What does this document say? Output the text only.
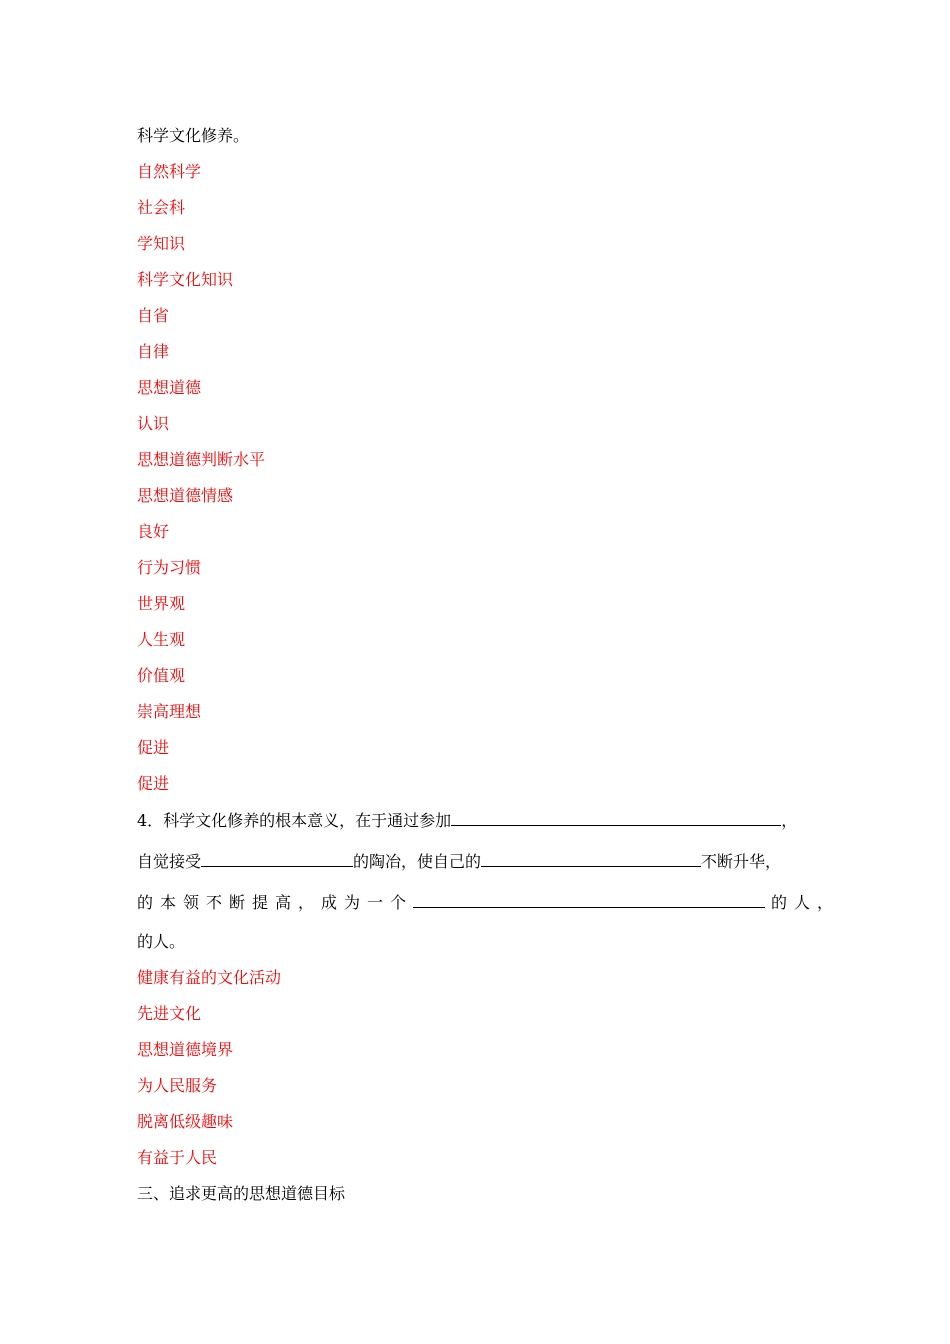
科学文化修养。
自然科学
社会科
学知识
科学文化知识
自省
自律
思想道德
认识
思想道德判断水平
思想道德情感
良好
行为习惯
世界观
人生观
价值观
崇高理想
促进
促进
4．科学文化修养的根本意义，在于通过参加	，
自觉接受	的陶冶，使自己的	不断升华，
的本领不断提高，成为一个	的人，
的人。
健康有益的文化活动
先进文化
思想道德境界
为人民服务
脱离低级趣味
有益于人民
三、追求更高的思想道德目标
